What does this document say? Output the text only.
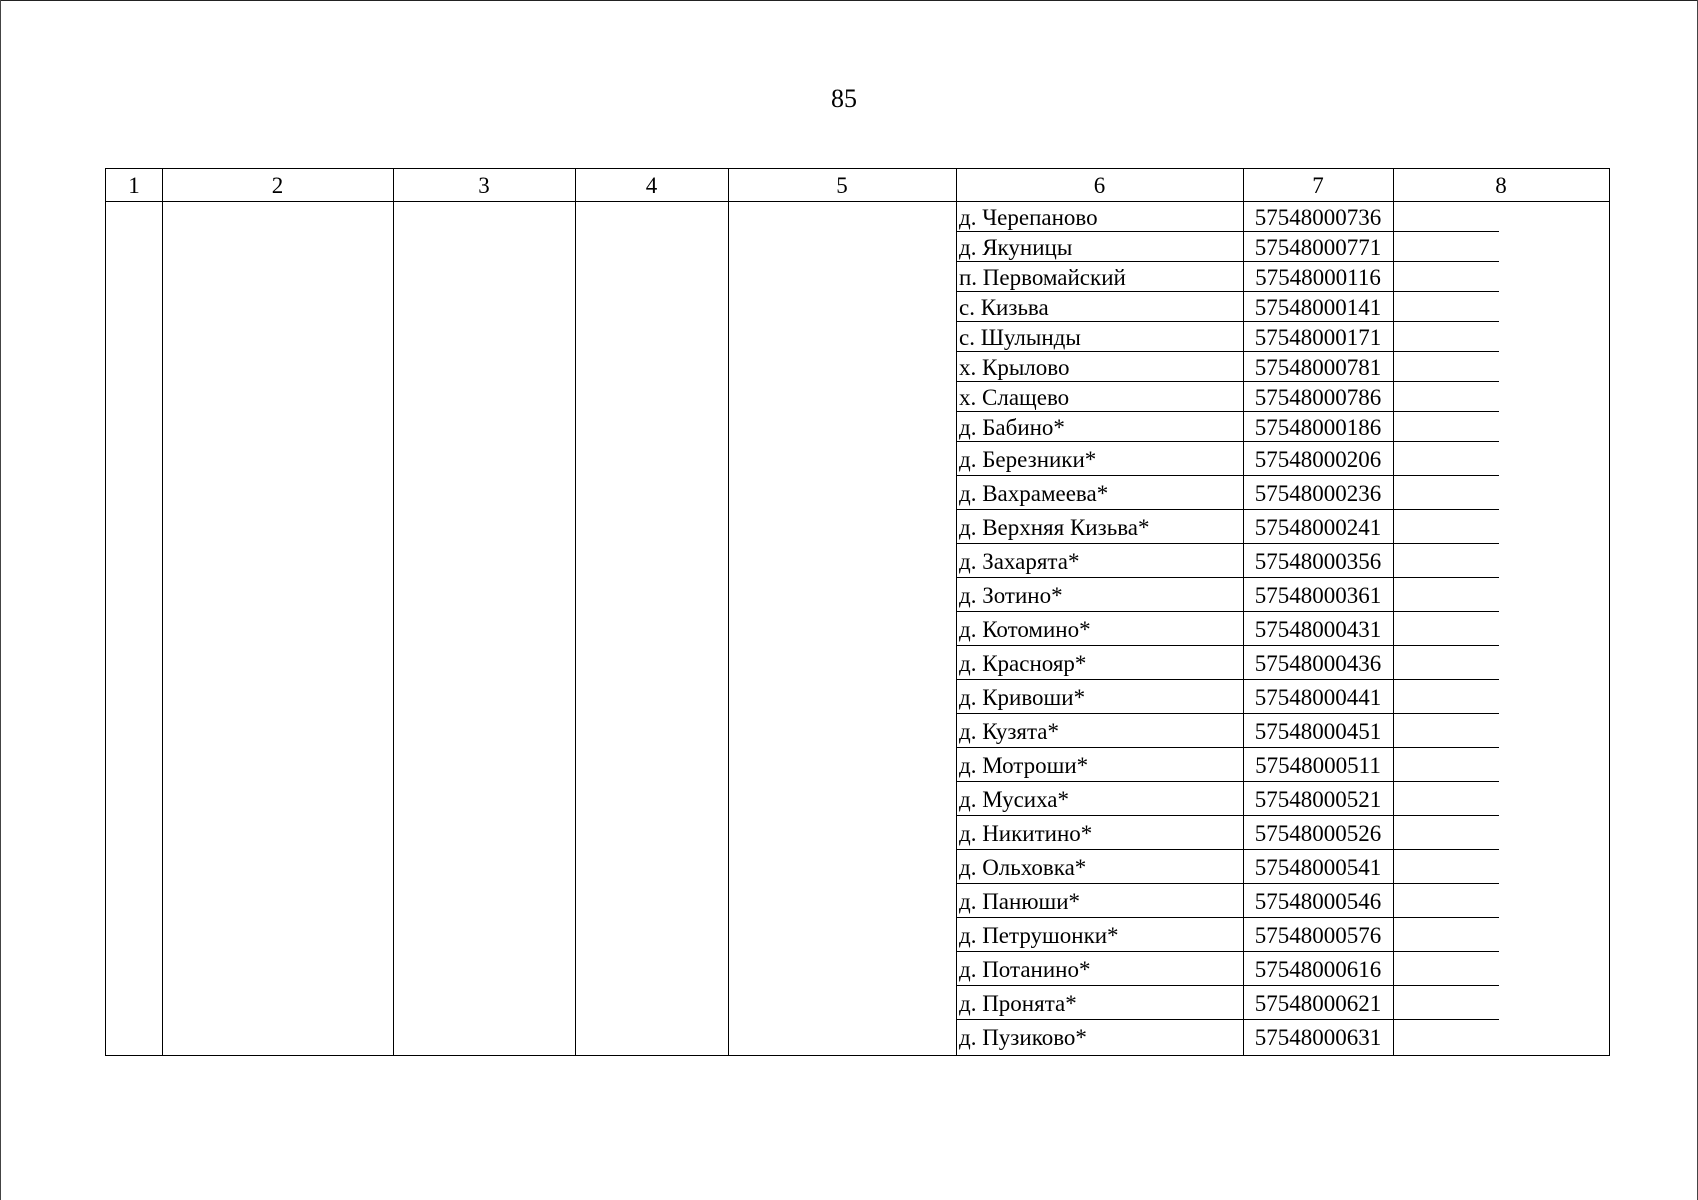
85
1	2	3	4	5	6	7	8
д. Черепаново	57548000736
д. Якуницы	57548000771
п. Первомайский	57548000116
с. Кизьва	57548000141
с. Шулынды	57548000171
х. Крылово	57548000781
х. Слащево	57548000786
д. Бабино*	57548000186
д. Березники*	57548000206
д. Вахрамеева*	57548000236
д. Верхняя Кизьва*	57548000241
д. Захарята*	57548000356
д. Зотино*	57548000361
д. Котомино*	57548000431
д. Краснояр*	57548000436
д. Кривоши*	57548000441
д. Кузята*	57548000451
д. Мотроши*	57548000511
д. Мусиха*	57548000521
д. Никитино*	57548000526
д. Ольховка*	57548000541
д. Панюши*	57548000546
д. Петрушонки*	57548000576
д. Потанино*	57548000616
д. Пронята*	57548000621
д. Пузиково*	57548000631
